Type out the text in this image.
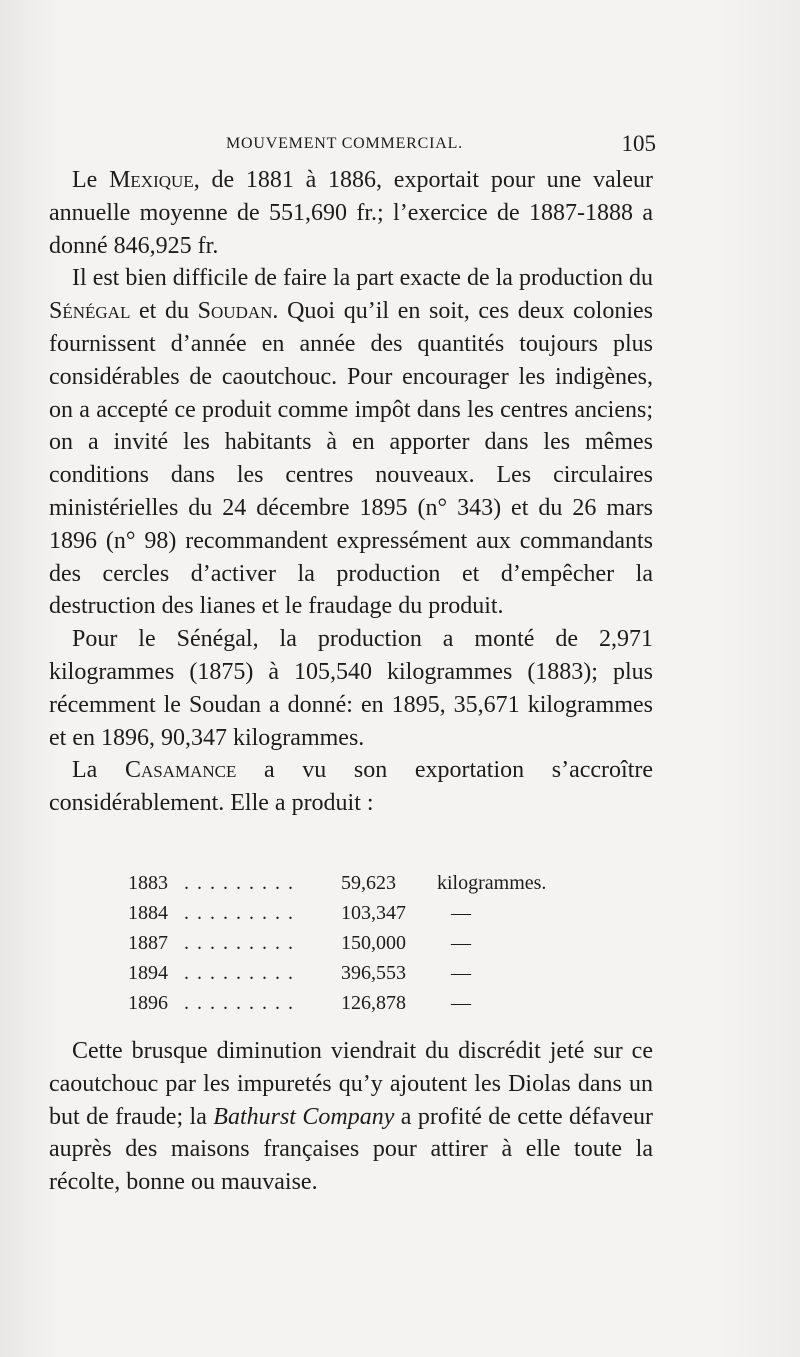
MOUVEMENT COMMERCIAL.	105

Le Mexique, de 1881 à 1886, exportait pour une valeur annuelle moyenne de 551,690 fr.; l’exercice de 1887-1888 a donné 846,925 fr.

Il est bien difficile de faire la part exacte de la production du Sénégal et du Soudan. Quoi qu’il en soit, ces deux colonies fournissent d’année en année des quantités toujours plus considérables de caoutchouc. Pour encourager les indigènes, on a accepté ce produit comme impôt dans les centres anciens; on a invité les habitants à en apporter dans les mêmes conditions dans les centres nouveaux. Les circulaires ministérielles du 24 décembre 1895 (n° 343) et du 26 mars 1896 (n° 98) recommandent expressément aux commandants des cercles d’activer la production et d’empêcher la destruction des lianes et le fraudage du produit.

Pour le Sénégal, la production a monté de 2,971 kilogrammes (1875) à 105,540 kilogrammes (1883); plus récemment le Soudan a donné: en 1895, 35,671 kilogrammes et en 1896, 90,347 kilogrammes.

La Casamance a vu son exportation s’accroître considérablement. Elle a produit :

1883 . . . . . . . . .	59,623	kilogrammes.
1884 . . . . . . . . .	103,347	—
1887 . . . . . . . . .	150,000	—
1894 . . . . . . . . .	396,553	—
1896 . . . . . . . . .	126,878	—

Cette brusque diminution viendrait du discrédit jeté sur ce caoutchouc par les impuretés qu’y ajoutent les Diolas dans un but de fraude; la Bathurst Company a profité de cette défaveur auprès des maisons françaises pour attirer à elle toute la récolte, bonne ou mauvaise.
